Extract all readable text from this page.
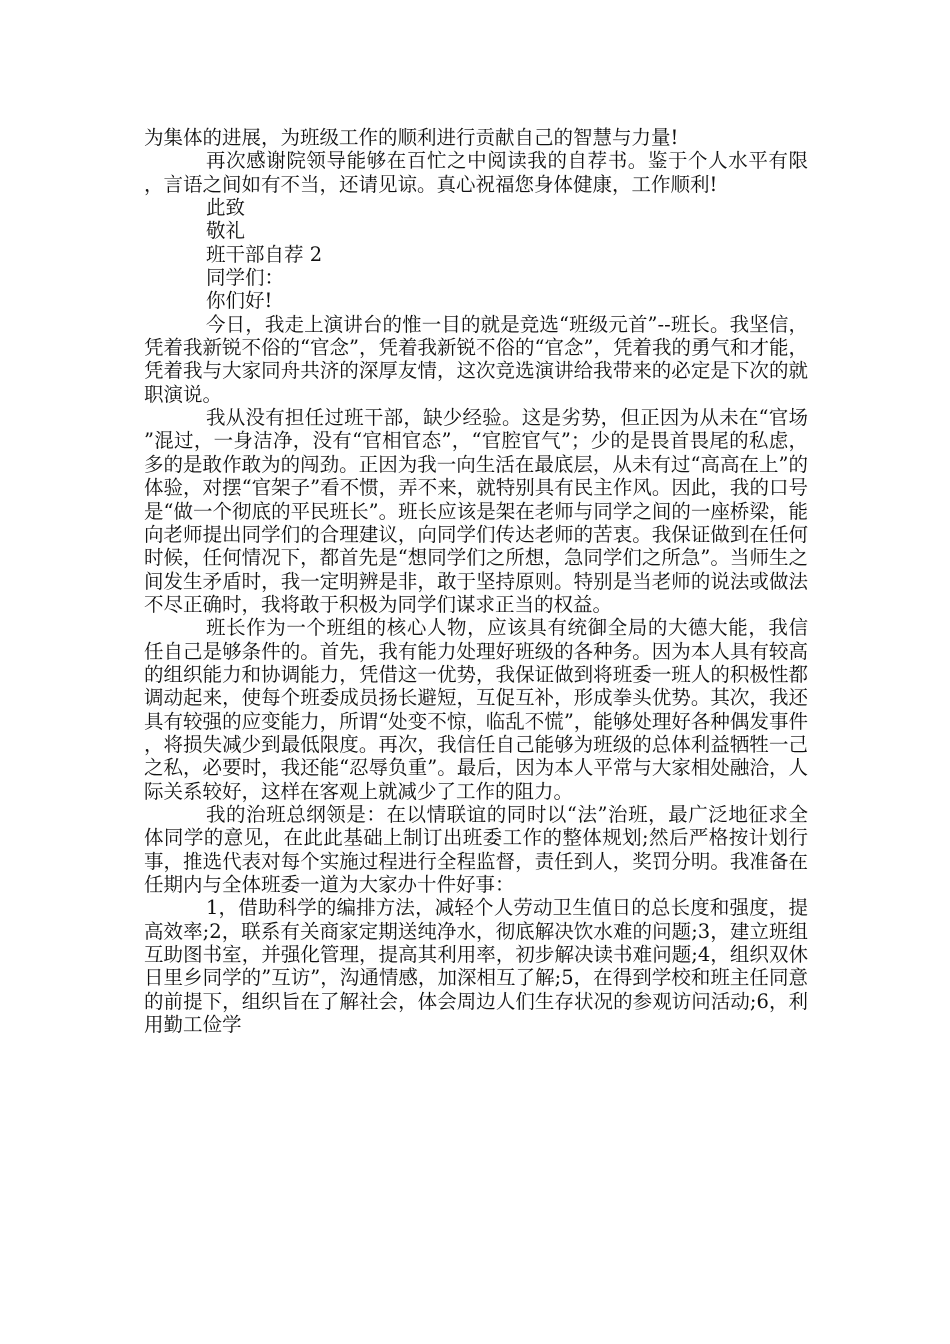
为集体的进展，为班级工作的顺利进行贡献自己的智慧与力量!

再次感谢院领导能够在百忙之中阅读我的自荐书。鉴于个人水平有限，言语之间如有不当，还请见谅。真心祝福您身体健康，工作顺利!

此致

敬礼

班干部自荐 2

同学们：

你们好!

今日，我走上演讲台的惟一目的就是竞选“班级元首”--班长。我坚信，凭着我新锐不俗的“官念”，凭着我新锐不俗的“官念”，凭着我的勇气和才能，凭着我与大家同舟共济的深厚友情，这次竞选演讲给我带来的必定是下次的就职演说。

我从没有担任过班干部，缺少经验。这是劣势，但正因为从未在“官场”混过，一身洁净，没有“官相官态”，“官腔官气”；少的是畏首畏尾的私虑，多的是敢作敢为的闯劲。正因为我一向生活在最底层，从未有过“高高在上”的体验，对摆“官架子”看不惯，弄不来，就特别具有民主作风。因此，我的口号是“做一个彻底的平民班长”。班长应该是架在老师与同学之间的一座桥梁，能向老师提出同学们的合理建议，向同学们传达老师的苦衷。我保证做到在任何时候，任何情况下，都首先是“想同学们之所想，急同学们之所急”。当师生之间发生矛盾时，我一定明辨是非，敢于坚持原则。特别是当老师的说法或做法不尽正确时，我将敢于积极为同学们谋求正当的权益。

班长作为一个班组的核心人物，应该具有统御全局的大德大能，我信任自己是够条件的。首先，我有能力处理好班级的各种务。因为本人具有较高的组织能力和协调能力，凭借这一优势，我保证做到将班委一班人的积极性都调动起来，使每个班委成员扬长避短，互促互补，形成拳头优势。其次，我还具有较强的应变能力，所谓“处变不惊，临乱不慌”，能够处理好各种偶发事件，将损失减少到最低限度。再次，我信任自己能够为班级的总体利益牺牲一己之私，必要时，我还能“忍辱负重”。最后，因为本人平常与大家相处融洽，人际关系较好，这样在客观上就减少了工作的阻力。

我的治班总纲领是：在以情联谊的同时以“法”治班，最广泛地征求全体同学的意见，在此此基础上制订出班委工作的整体规划;然后严格按计划行事，推选代表对每个实施过程进行全程监督，责任到人，奖罚分明。我准备在任期内与全体班委一道为大家办十件好事：

1，借助科学的编排方法，减轻个人劳动卫生值日的总长度和强度，提高效率;2，联系有关商家定期送纯净水，彻底解决饮水难的问题;3，建立班组互助图书室，并强化管理，提高其利用率，初步解决读书难问题;4，组织双休日里乡同学的”互访”，沟通情感，加深相互了解;5，在得到学校和班主任同意的前提下，组织旨在了解社会，体会周边人们生存状况的参观访问活动;6，利用勤工俭学
